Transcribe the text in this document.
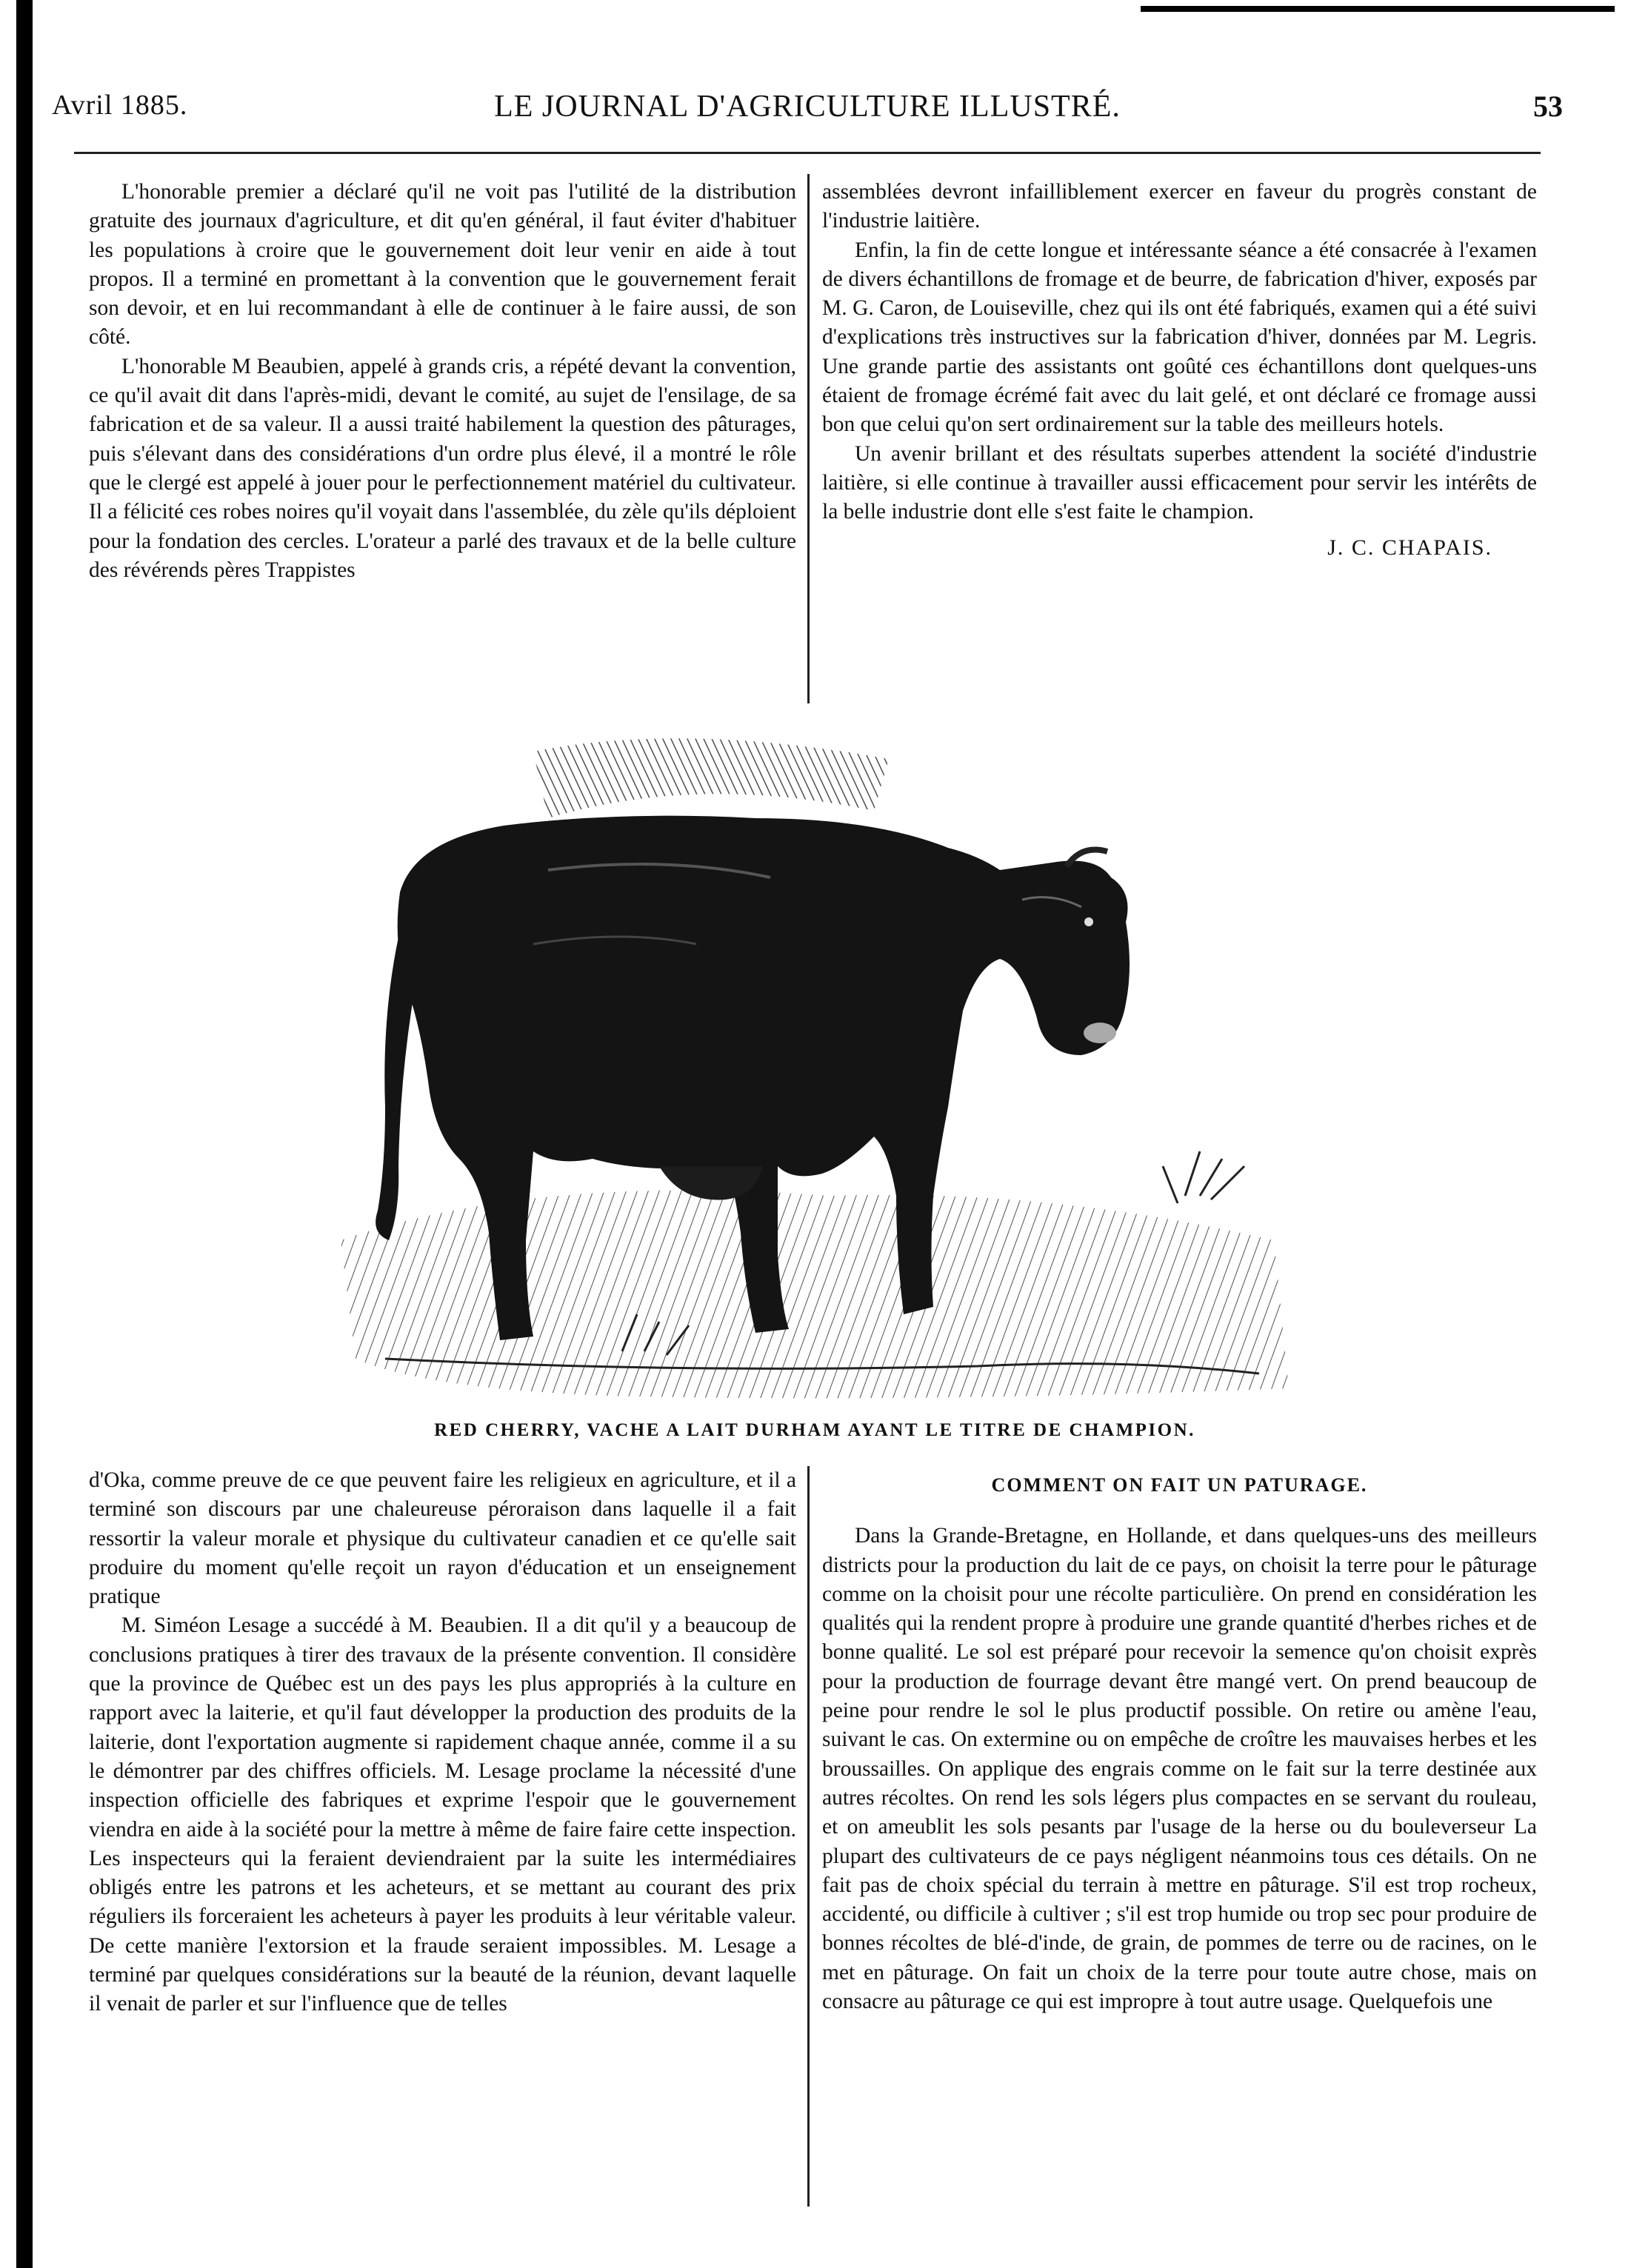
LE JOURNAL D'AGRICULTURE ILLUSTRÉ.
Avril 1885.	53

L'honorable premier a déclaré qu'il ne voit pas l'utilité de la distribution gratuite des journaux d'agriculture, et dit qu'en général, il faut éviter d'habituer les populations à croire que le gouvernement doit leur venir en aide à tout propos. Il a terminé en promettant à la convention que le gouvernement ferait son devoir, et en lui recommandant à elle de continuer à le faire aussi, de son côté.

L'honorable M Beaubien, appelé à grands cris, a répété devant la convention, ce qu'il avait dit dans l'après-midi, devant le comité, au sujet de l'ensilage, de sa fabrication et de sa valeur. Il a aussi traité habilement la question des pâturages, puis s'élevant dans des considérations d'un ordre plus élevé, il a montré le rôle que le clergé est appelé à jouer pour le perfectionnement matériel du cultivateur. Il a félicité ces robes noires qu'il voyait dans l'assemblée, du zèle qu'ils déploient pour la fondation des cercles. L'orateur a parlé des travaux et de la belle culture des révérends pères Trappistes

assemblées devront infailliblement exercer en faveur du progrès constant de l'industrie laitière.

Enfin, la fin de cette longue et intéressante séance a été consacrée à l'examen de divers échantillons de fromage et de beurre, de fabrication d'hiver, exposés par M. G. Caron, de Louiseville, chez qui ils ont été fabriqués, examen qui a été suivi d'explications très instructives sur la fabrication d'hiver, données par M. Legris. Une grande partie des assistants ont goûté ces échantillons dont quelques-uns étaient de fromage écrémé fait avec du lait gelé, et ont déclaré ce fromage aussi bon que celui qu'on sert ordinairement sur la table des meilleurs hotels.

Un avenir brillant et des résultats superbes attendent la société d'industrie laitière, si elle continue à travailler aussi efficacement pour servir les intérêts de la belle industrie dont elle s'est faite le champion.

J. C. CHAPAIS.
RED CHERRY, VACHE A LAIT DURHAM AYANT LE TITRE DE CHAMPION.

d'Oka, comme preuve de ce que peuvent faire les religieux en agriculture, et il a terminé son discours par une chaleureuse péroraison dans laquelle il a fait ressortir la valeur morale et physique du cultivateur canadien et ce qu'elle sait produire du moment qu'elle reçoit un rayon d'éducation et un enseignement pratique

M. Siméon Lesage a succédé à M. Beaubien. Il a dit qu'il y a beaucoup de conclusions pratiques à tirer des travaux de la présente convention. Il considère que la province de Québec est un des pays les plus appropriés à la culture en rapport avec la laiterie, et qu'il faut développer la production des produits de la laiterie, dont l'exportation augmente si rapidement chaque année, comme il a su le démontrer par des chiffres officiels. M. Lesage proclame la nécessité d'une inspection officielle des fabriques et exprime l'espoir que le gouvernement viendra en aide à la société pour la mettre à même de faire faire cette inspection. Les inspecteurs qui la feraient deviendraient par la suite les intermédiaires obligés entre les patrons et les acheteurs, et se mettant au courant des prix réguliers ils forceraient les acheteurs à payer les produits à leur véritable valeur. De cette manière l'extorsion et la fraude seraient impossibles. M. Lesage a terminé par quelques considérations sur la beauté de la réunion, devant laquelle il venait de parler et sur l'influence que de telles

COMMENT ON FAIT UN PATURAGE.

Dans la Grande-Bretagne, en Hollande, et dans quelques-uns des meilleurs districts pour la production du lait de ce pays, on choisit la terre pour le pâturage comme on la choisit pour une récolte particulière. On prend en considération les qualités qui la rendent propre à produire une grande quantité d'herbes riches et de bonne qualité. Le sol est préparé pour recevoir la semence qu'on choisit exprès pour la production de fourrage devant être mangé vert. On prend beaucoup de peine pour rendre le sol le plus productif possible. On retire ou amène l'eau, suivant le cas. On extermine ou on empêche de croître les mauvaises herbes et les broussailles. On applique des engrais comme on le fait sur la terre destinée aux autres récoltes. On rend les sols légers plus compactes en se servant du rouleau, et on ameublit les sols pesants par l'usage de la herse ou du bouleverseur La plupart des cultivateurs de ce pays négligent néanmoins tous ces détails. On ne fait pas de choix spécial du terrain à mettre en pâturage. S'il est trop rocheux, accidenté, ou difficile à cultiver ; s'il est trop humide ou trop sec pour produire de bonnes récoltes de blé-d'inde, de grain, de pommes de terre ou de racines, on le met en pâturage. On fait un choix de la terre pour toute autre chose, mais on consacre au pâturage ce qui est impropre à tout autre usage. Quelquefois une
